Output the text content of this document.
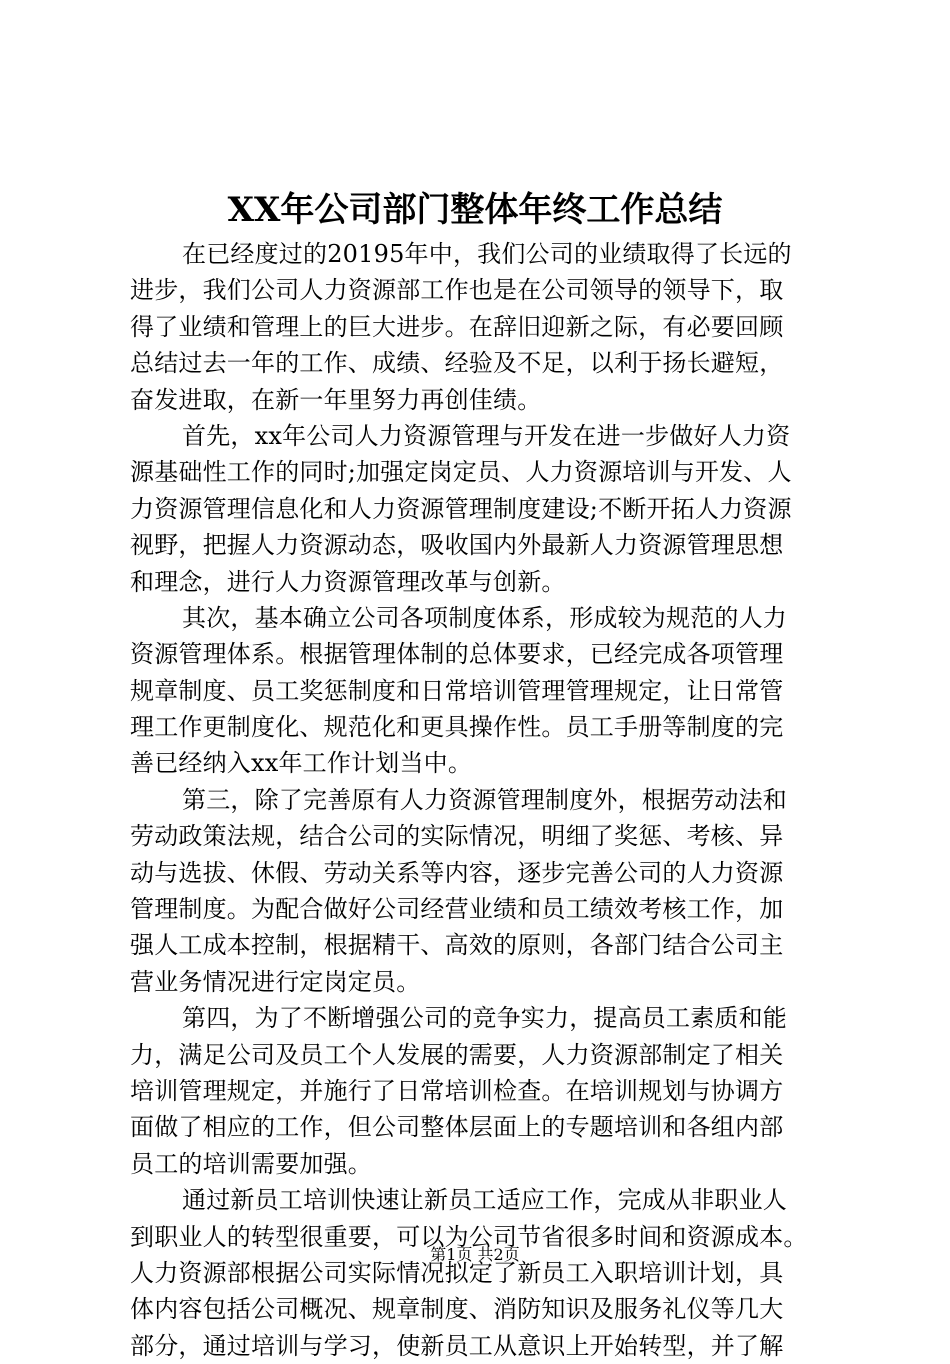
XX年公司部门整体年终工作总结
在已经度过的20195年中，我们公司的业绩取得了长远的
进步，我们公司人力资源部工作也是在公司领导的领导下，取
得了业绩和管理上的巨大进步。在辞旧迎新之际，有必要回顾
总结过去一年的工作、成绩、经验及不足，以利于扬长避短，
奋发进取，在新一年里努力再创佳绩。
首先，xx年公司人力资源管理与开发在进一步做好人力资
源基础性工作的同时;加强定岗定员、人力资源培训与开发、人
力资源管理信息化和人力资源管理制度建设;不断开拓人力资源
视野，把握人力资源动态，吸收国内外最新人力资源管理思想
和理念，进行人力资源管理改革与创新。
其次，基本确立公司各项制度体系，形成较为规范的人力
资源管理体系。根据管理体制的总体要求，已经完成各项管理
规章制度、员工奖惩制度和日常培训管理管理规定，让日常管
理工作更制度化、规范化和更具操作性。员工手册等制度的完
善已经纳入xx年工作计划当中。
第三，除了完善原有人力资源管理制度外，根据劳动法和
劳动政策法规，结合公司的实际情况，明细了奖惩、考核、异
动与选拔、休假、劳动关系等内容，逐步完善公司的人力资源
管理制度。为配合做好公司经营业绩和员工绩效考核工作，加
强人工成本控制，根据精干、高效的原则，各部门结合公司主
营业务情况进行定岗定员。
第四，为了不断增强公司的竞争实力，提高员工素质和能
力，满足公司及员工个人发展的需要，人力资源部制定了相关
培训管理规定，并施行了日常培训检查。在培训规划与协调方
面做了相应的工作，但公司整体层面上的专题培训和各组内部
员工的培训需要加强。
通过新员工培训快速让新员工适应工作，完成从非职业人
到职业人的转型很重要，可以为公司节省很多时间和资源成本。
人力资源部根据公司实际情况拟定了新员工入职培训计划，具
体内容包括公司概况、规章制度、消防知识及服务礼仪等几大
部分，通过培训与学习，使新员工从意识上开始转型，并了解
第1页 共2页
